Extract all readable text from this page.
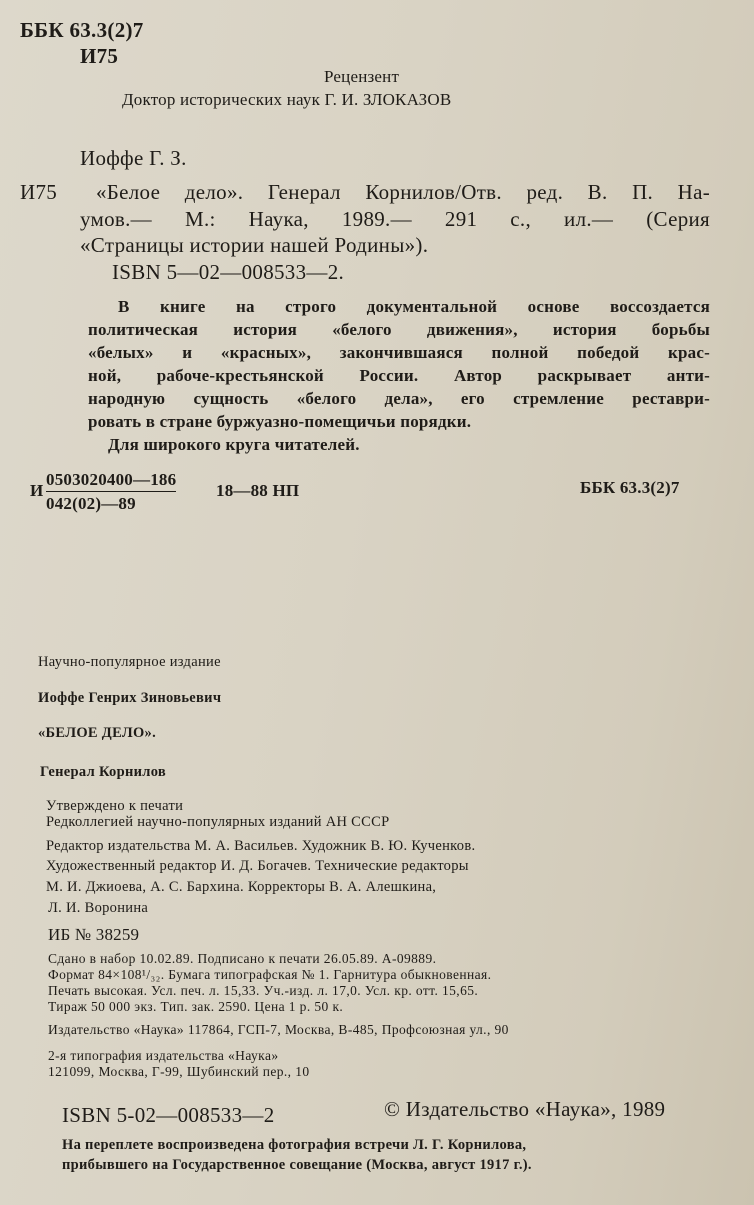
ББК 63.3(2)7
И75
Рецензент
Доктор исторических наук Г. И. ЗЛОКАЗОВ
Иоффе Г. З.
И75 «Белое дело». Генерал Корнилов/Отв. ред. В. П. На-
умов.— М.: Наука, 1989.— 291 с., ил.— (Серия
«Страницы истории нашей Родины»).
ISBN 5—02—008533—2.
В книге на строго документальной основе воссоздается
политическая история «белого движения», история борьбы
«белых» и «красных», закончившаяся полной победой крас-
ной, рабоче-крестьянской России. Автор раскрывает анти-
народную сущность «белого дела», его стремление реставри-
ровать в стране буржуазно-помещичьи порядки.
Для широкого круга читателей.
И $\frac{0503020400—186}{042(02)—89}$ 18—88 НП	ББК 63.3(2)7
Научно-популярное издание
Иоффе Генрих Зиновьевич
«БЕЛОЕ ДЕЛО».
Генерал Корнилов
Утверждено к печати
Редколлегией научно-популярных изданий АН СССР
Редактор издательства М. А. Васильев. Художник В. Ю. Кученков.
Художественный редактор И. Д. Богачев. Технические редакторы
М. И. Джиоева, А. С. Бархина. Корректоры В. А. Алешкина,
Л. И. Воронина
ИБ № 38259
Сдано в набор 10.02.89. Подписано к печати 26.05.89. А-09889.
Формат 84×108¹/₃₂. Бумага типографская № 1. Гарнитура обыкновенная.
Печать высокая. Усл. печ. л. 15,33. Уч.-изд. л. 17,0. Усл. кр. отт. 15,65.
Тираж 50 000 экз. Тип. зак. 2590. Цена 1 р. 50 к.
Издательство «Наука» 117864, ГСП-7, Москва, В-485, Профсоюзная ул., 90
2-я типография издательства «Наука»
121099, Москва, Г-99, Шубинский пер., 10
ISBN 5-02—008533—2	© Издательство «Наука», 1989
На переплете воспроизведена фотография встречи Л. Г. Корнилова,
прибывшего на Государственное совещание (Москва, август 1917 г.).
